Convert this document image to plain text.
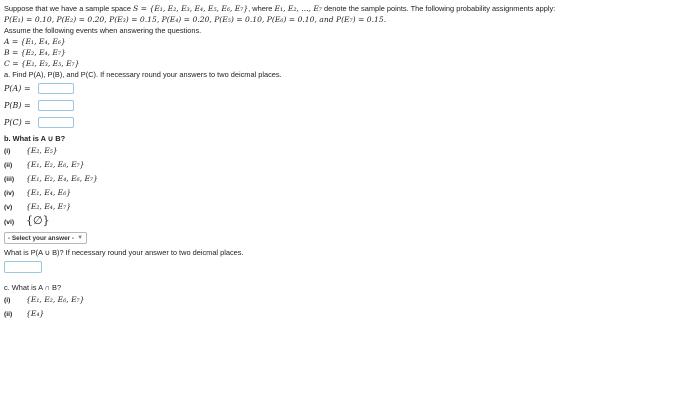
Suppose that we have a sample space S = {E₁, E₂, E₃, E₄, E₅, E₆, E₇}, where E₁, E₂, ..., E₇ denote the sample points. The following probability assignments apply:
P(E₁) = 0.10, P(E₂) = 0.20, P(E₃) = 0.15, P(E₄) = 0.20, P(E₅) = 0.10, P(E₆) = 0.10, and P(E₇) = 0.15.
Assume the following events when answering the questions.
A = {E₁, E₄, E₆}
B = {E₂, E₄, E₇}
C = {E₂, E₃, E₅, E₇}
a. Find P(A), P(B), and P(C). If necessary round your answers to two deicmal places.
P(A) =
P(B) =
P(C) =
b. What is A ∪ B?
(i) {E₂, E₅}
(ii) {E₁, E₂, E₆, E₇}
(iii) {E₁, E₂, E₄, E₆, E₇}
(iv) {E₁, E₄, E₆}
(v) {E₂, E₄, E₇}
(vi) {∅}
- Select your answer - ▼
What is P(A ∪ B)? If necessary round your answer to two deicmal places.
c. What is A ∩ B?
(i) {E₁, E₂, E₆, E₇}
(ii) {E₄}
